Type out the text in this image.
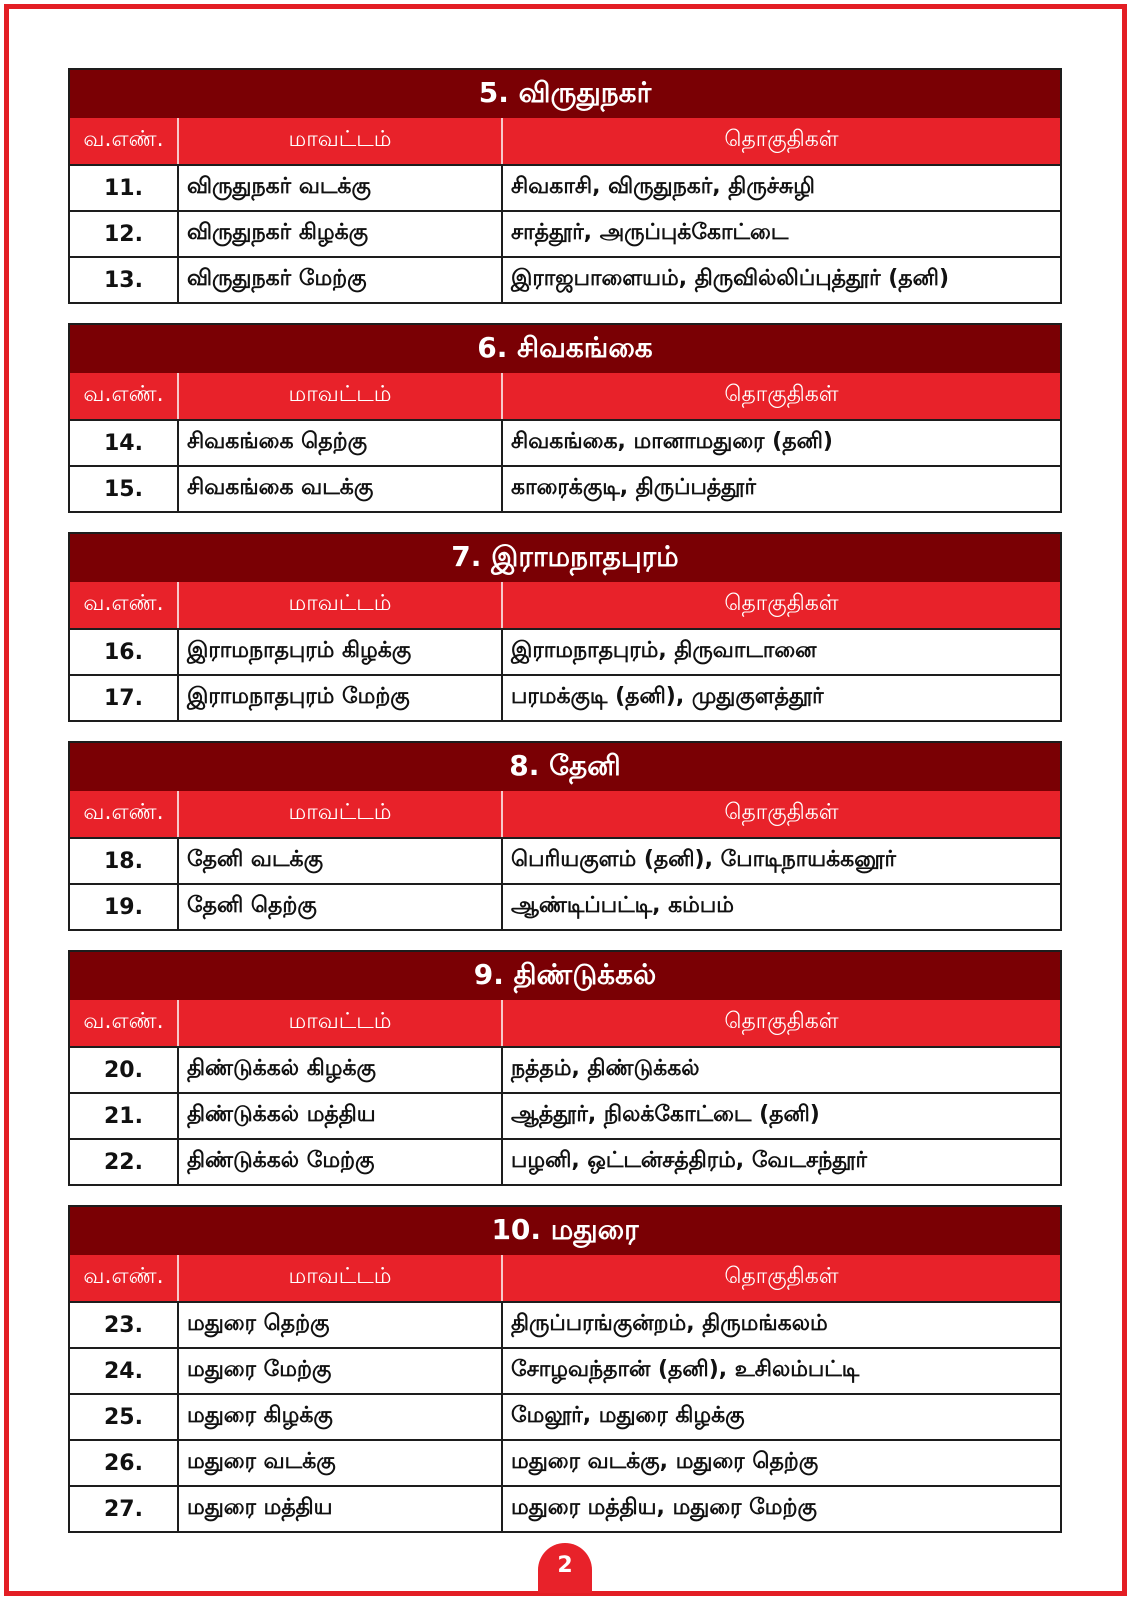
5. விருதுநகர்
வ.எண்.	மாவட்டம்	தொகுதிகள்
11.	விருதுநகர் வடக்கு	சிவகாசி, விருதுநகர், திருச்சுழி
12.	விருதுநகர் கிழக்கு	சாத்தூர், அருப்புக்கோட்டை
13.	விருதுநகர் மேற்கு	இராஜபாளையம், திருவில்லிப்புத்தூர் (தனி)
6. சிவகங்கை
வ.எண்.	மாவட்டம்	தொகுதிகள்
14.	சிவகங்கை தெற்கு	சிவகங்கை, மானாமதுரை (தனி)
15.	சிவகங்கை வடக்கு	காரைக்குடி, திருப்பத்தூர்
7. இராமநாதபுரம்
வ.எண்.	மாவட்டம்	தொகுதிகள்
16.	இராமநாதபுரம் கிழக்கு	இராமநாதபுரம், திருவாடானை
17.	இராமநாதபுரம் மேற்கு	பரமக்குடி (தனி), முதுகுளத்தூர்
8. தேனி
வ.எண்.	மாவட்டம்	தொகுதிகள்
18.	தேனி வடக்கு	பெரியகுளம் (தனி), போடிநாயக்கனூர்
19.	தேனி தெற்கு	ஆண்டிப்பட்டி, கம்பம்
9. திண்டுக்கல்
வ.எண்.	மாவட்டம்	தொகுதிகள்
20.	திண்டுக்கல் கிழக்கு	நத்தம், திண்டுக்கல்
21.	திண்டுக்கல் மத்திய	ஆத்தூர், நிலக்கோட்டை (தனி)
22.	திண்டுக்கல் மேற்கு	பழனி, ஒட்டன்சத்திரம், வேடசந்தூர்
10. மதுரை
வ.எண்.	மாவட்டம்	தொகுதிகள்
23.	மதுரை தெற்கு	திருப்பரங்குன்றம், திருமங்கலம்
24.	மதுரை மேற்கு	சோழவந்தான் (தனி), உசிலம்பட்டி
25.	மதுரை கிழக்கு	மேலூர், மதுரை கிழக்கு
26.	மதுரை வடக்கு	மதுரை வடக்கு, மதுரை தெற்கு
27.	மதுரை மத்திய	மதுரை மத்திய, மதுரை மேற்கு
2
